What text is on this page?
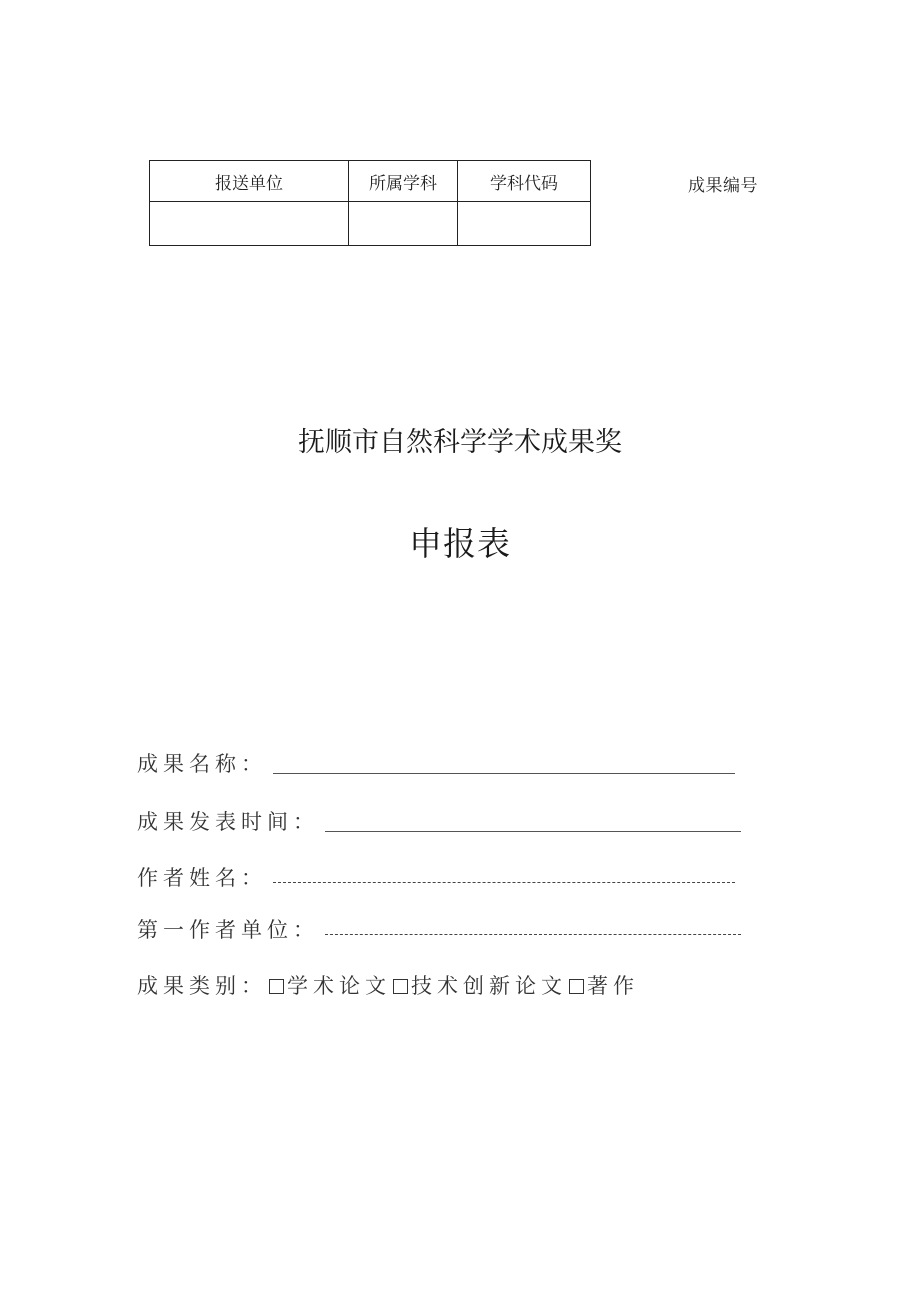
报送单位	所属学科	学科代码
			成果编号
抚顺市自然科学学术成果奖
申报表
成果名称：
成果发表时间：
作者姓名：
第一作者单位：
成果类别： 学术论文 技术创新论文 著作
